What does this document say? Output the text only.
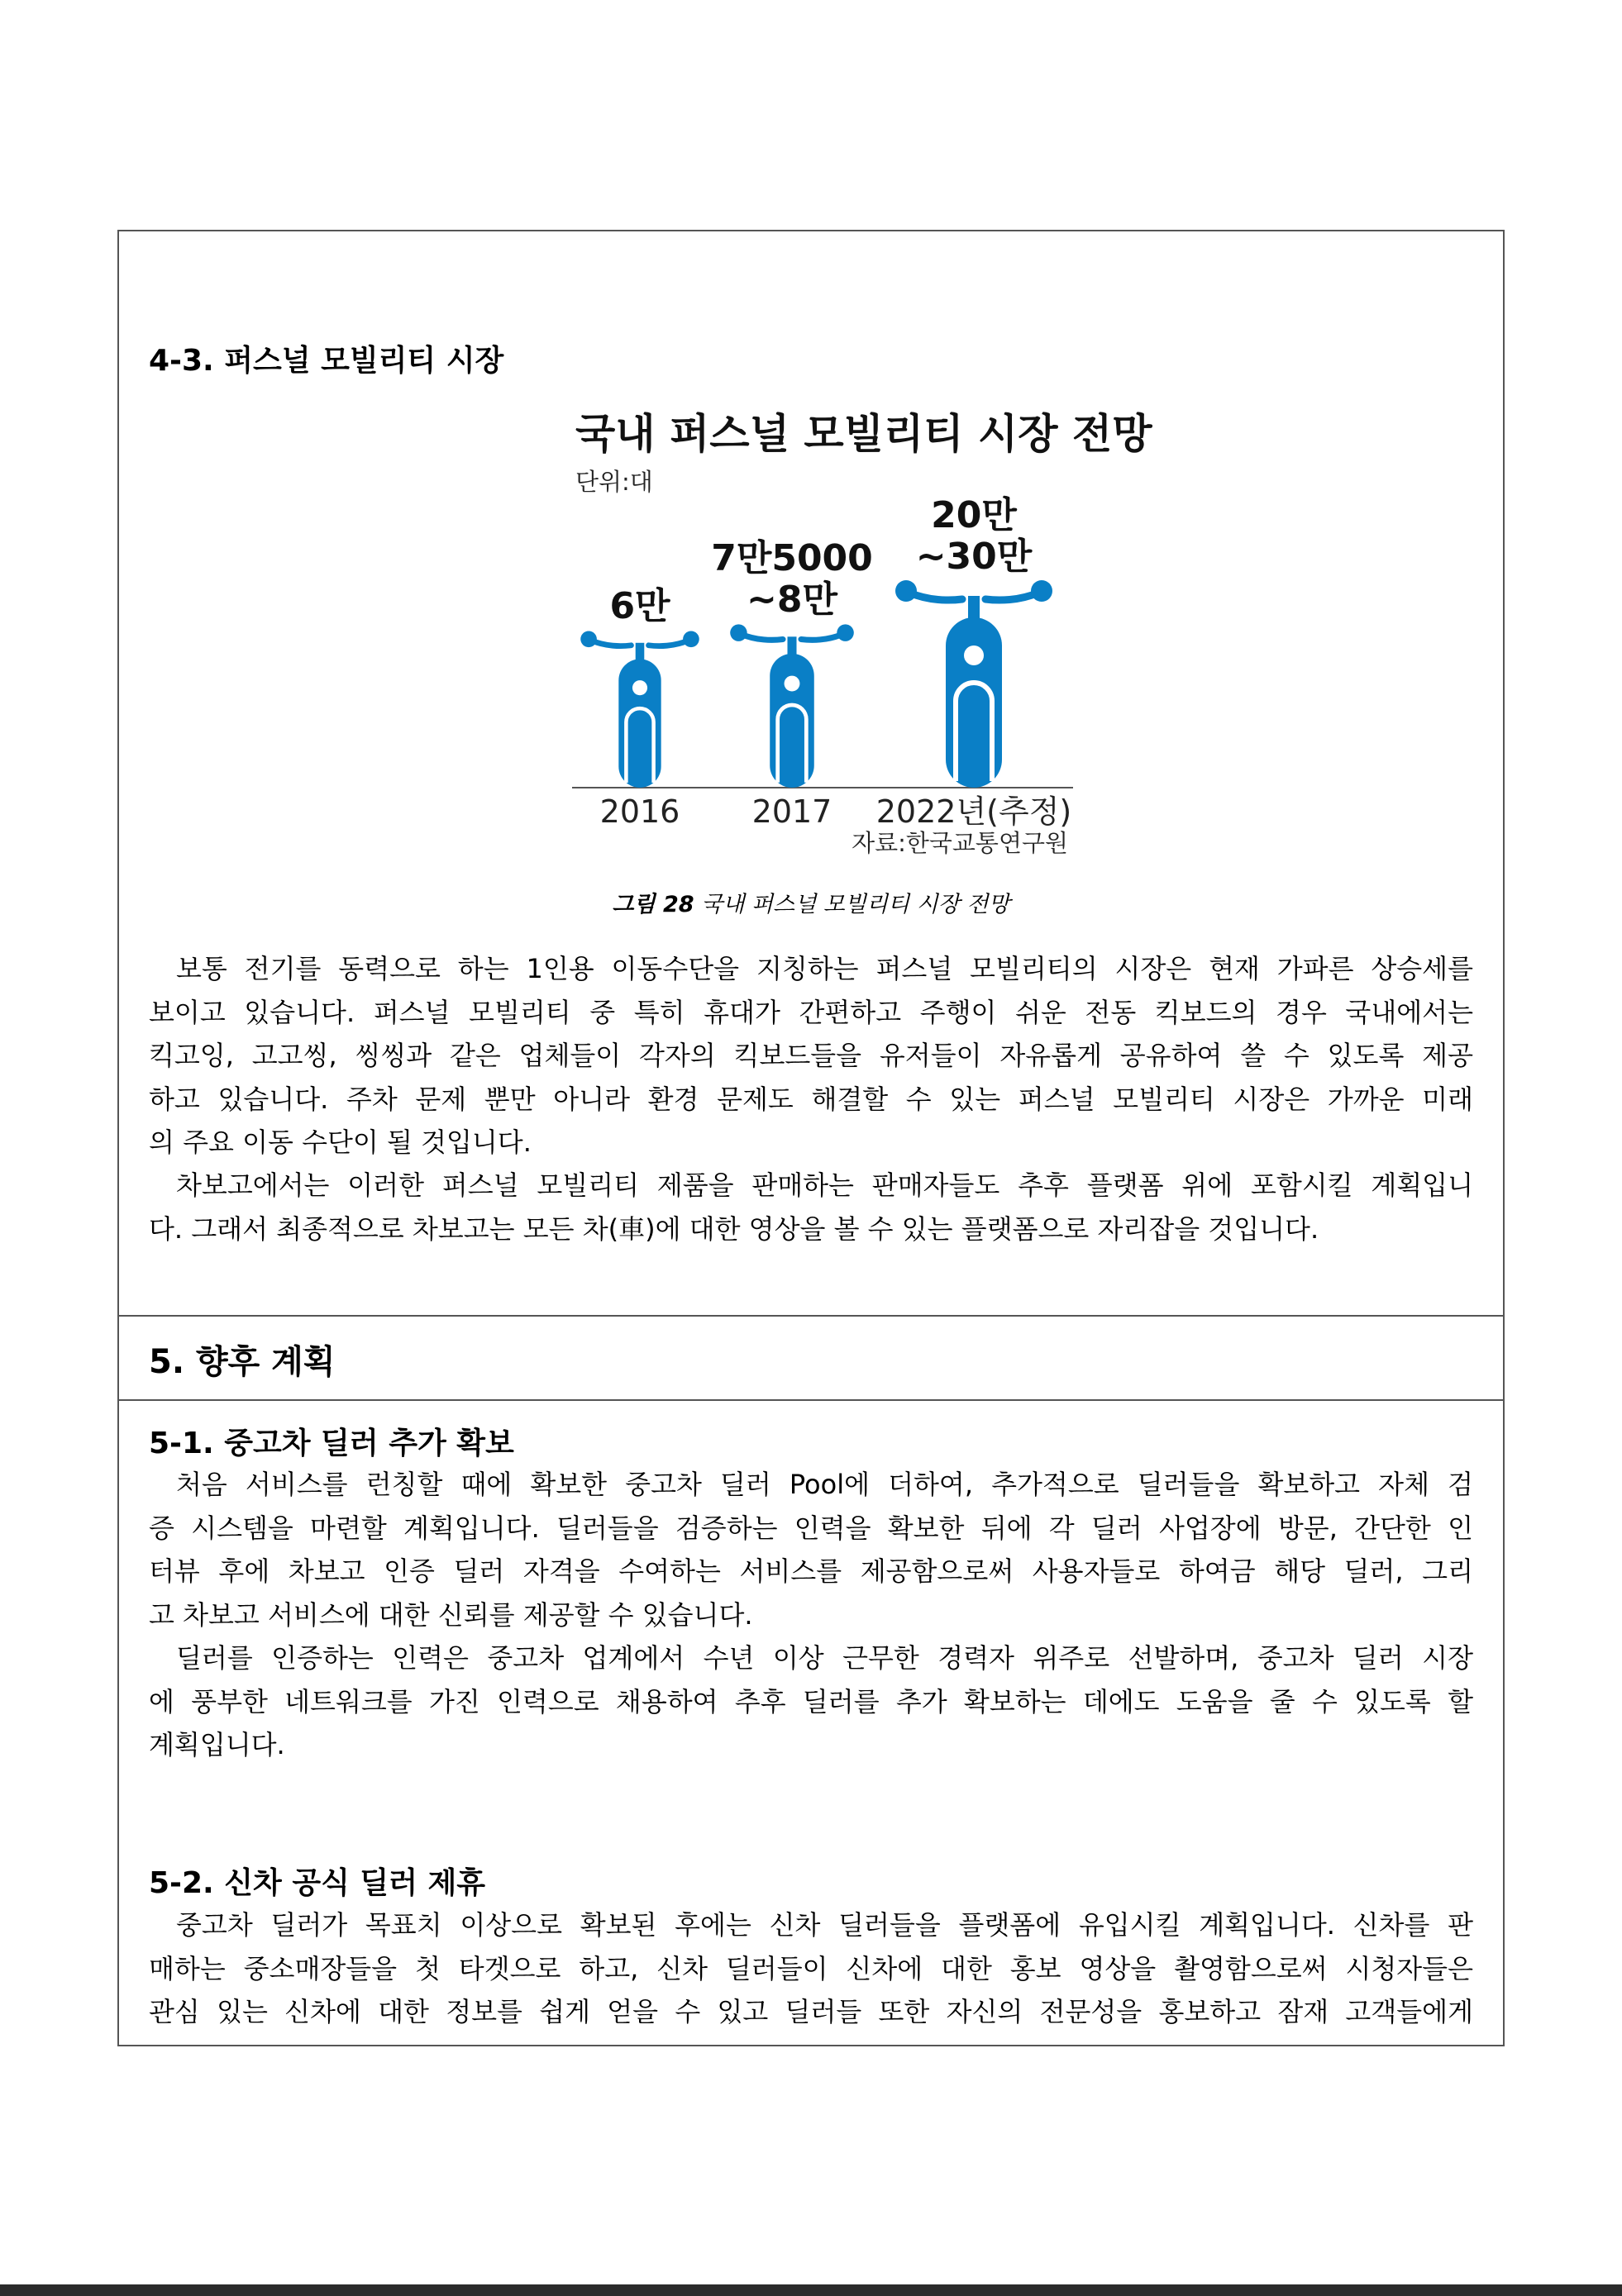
4-3. 퍼스널 모빌리티 시장
국내 퍼스널 모빌리티 시장 전망
단위:대
2016
6만
2017
7만5000
~8만
2022년(추정)
20만
~30만
자료:한국교통연구원
그림 28 국내 퍼스널 모빌리티 시장 전망
보통 전기를 동력으로 하는 1인용 이동수단을 지칭하는 퍼스널 모빌리티의 시장은 현재 가파른 상승세를
보이고 있습니다. 퍼스널 모빌리티 중 특히 휴대가 간편하고 주행이 쉬운 전동 킥보드의 경우 국내에서는
킥고잉, 고고씽, 씽씽과 같은 업체들이 각자의 킥보드들을 유저들이 자유롭게 공유하여 쓸 수 있도록 제공
하고 있습니다. 주차 문제 뿐만 아니라 환경 문제도 해결할 수 있는 퍼스널 모빌리티 시장은 가까운 미래
의 주요 이동 수단이 될 것입니다.
차보고에서는 이러한 퍼스널 모빌리티 제품을 판매하는 판매자들도 추후 플랫폼 위에 포함시킬 계획입니
다. 그래서 최종적으로 차보고는 모든 차(車)에 대한 영상을 볼 수 있는 플랫폼으로 자리잡을 것입니다.
5. 향후 계획
5-1. 중고차 딜러 추가 확보
처음 서비스를 런칭할 때에 확보한 중고차 딜러 Pool에 더하여, 추가적으로 딜러들을 확보하고 자체 검
증 시스템을 마련할 계획입니다. 딜러들을 검증하는 인력을 확보한 뒤에 각 딜러 사업장에 방문, 간단한 인
터뷰 후에 차보고 인증 딜러 자격을 수여하는 서비스를 제공함으로써 사용자들로 하여금 해당 딜러, 그리
고 차보고 서비스에 대한 신뢰를 제공할 수 있습니다.
딜러를 인증하는 인력은 중고차 업계에서 수년 이상 근무한 경력자 위주로 선발하며, 중고차 딜러 시장
에 풍부한 네트워크를 가진 인력으로 채용하여 추후 딜러를 추가 확보하는 데에도 도움을 줄 수 있도록 할
계획입니다.
5-2. 신차 공식 딜러 제휴
중고차 딜러가 목표치 이상으로 확보된 후에는 신차 딜러들을 플랫폼에 유입시킬 계획입니다. 신차를 판
매하는 중소매장들을 첫 타겟으로 하고, 신차 딜러들이 신차에 대한 홍보 영상을 촬영함으로써 시청자들은
관심 있는 신차에 대한 정보를 쉽게 얻을 수 있고 딜러들 또한 자신의 전문성을 홍보하고 잠재 고객들에게
